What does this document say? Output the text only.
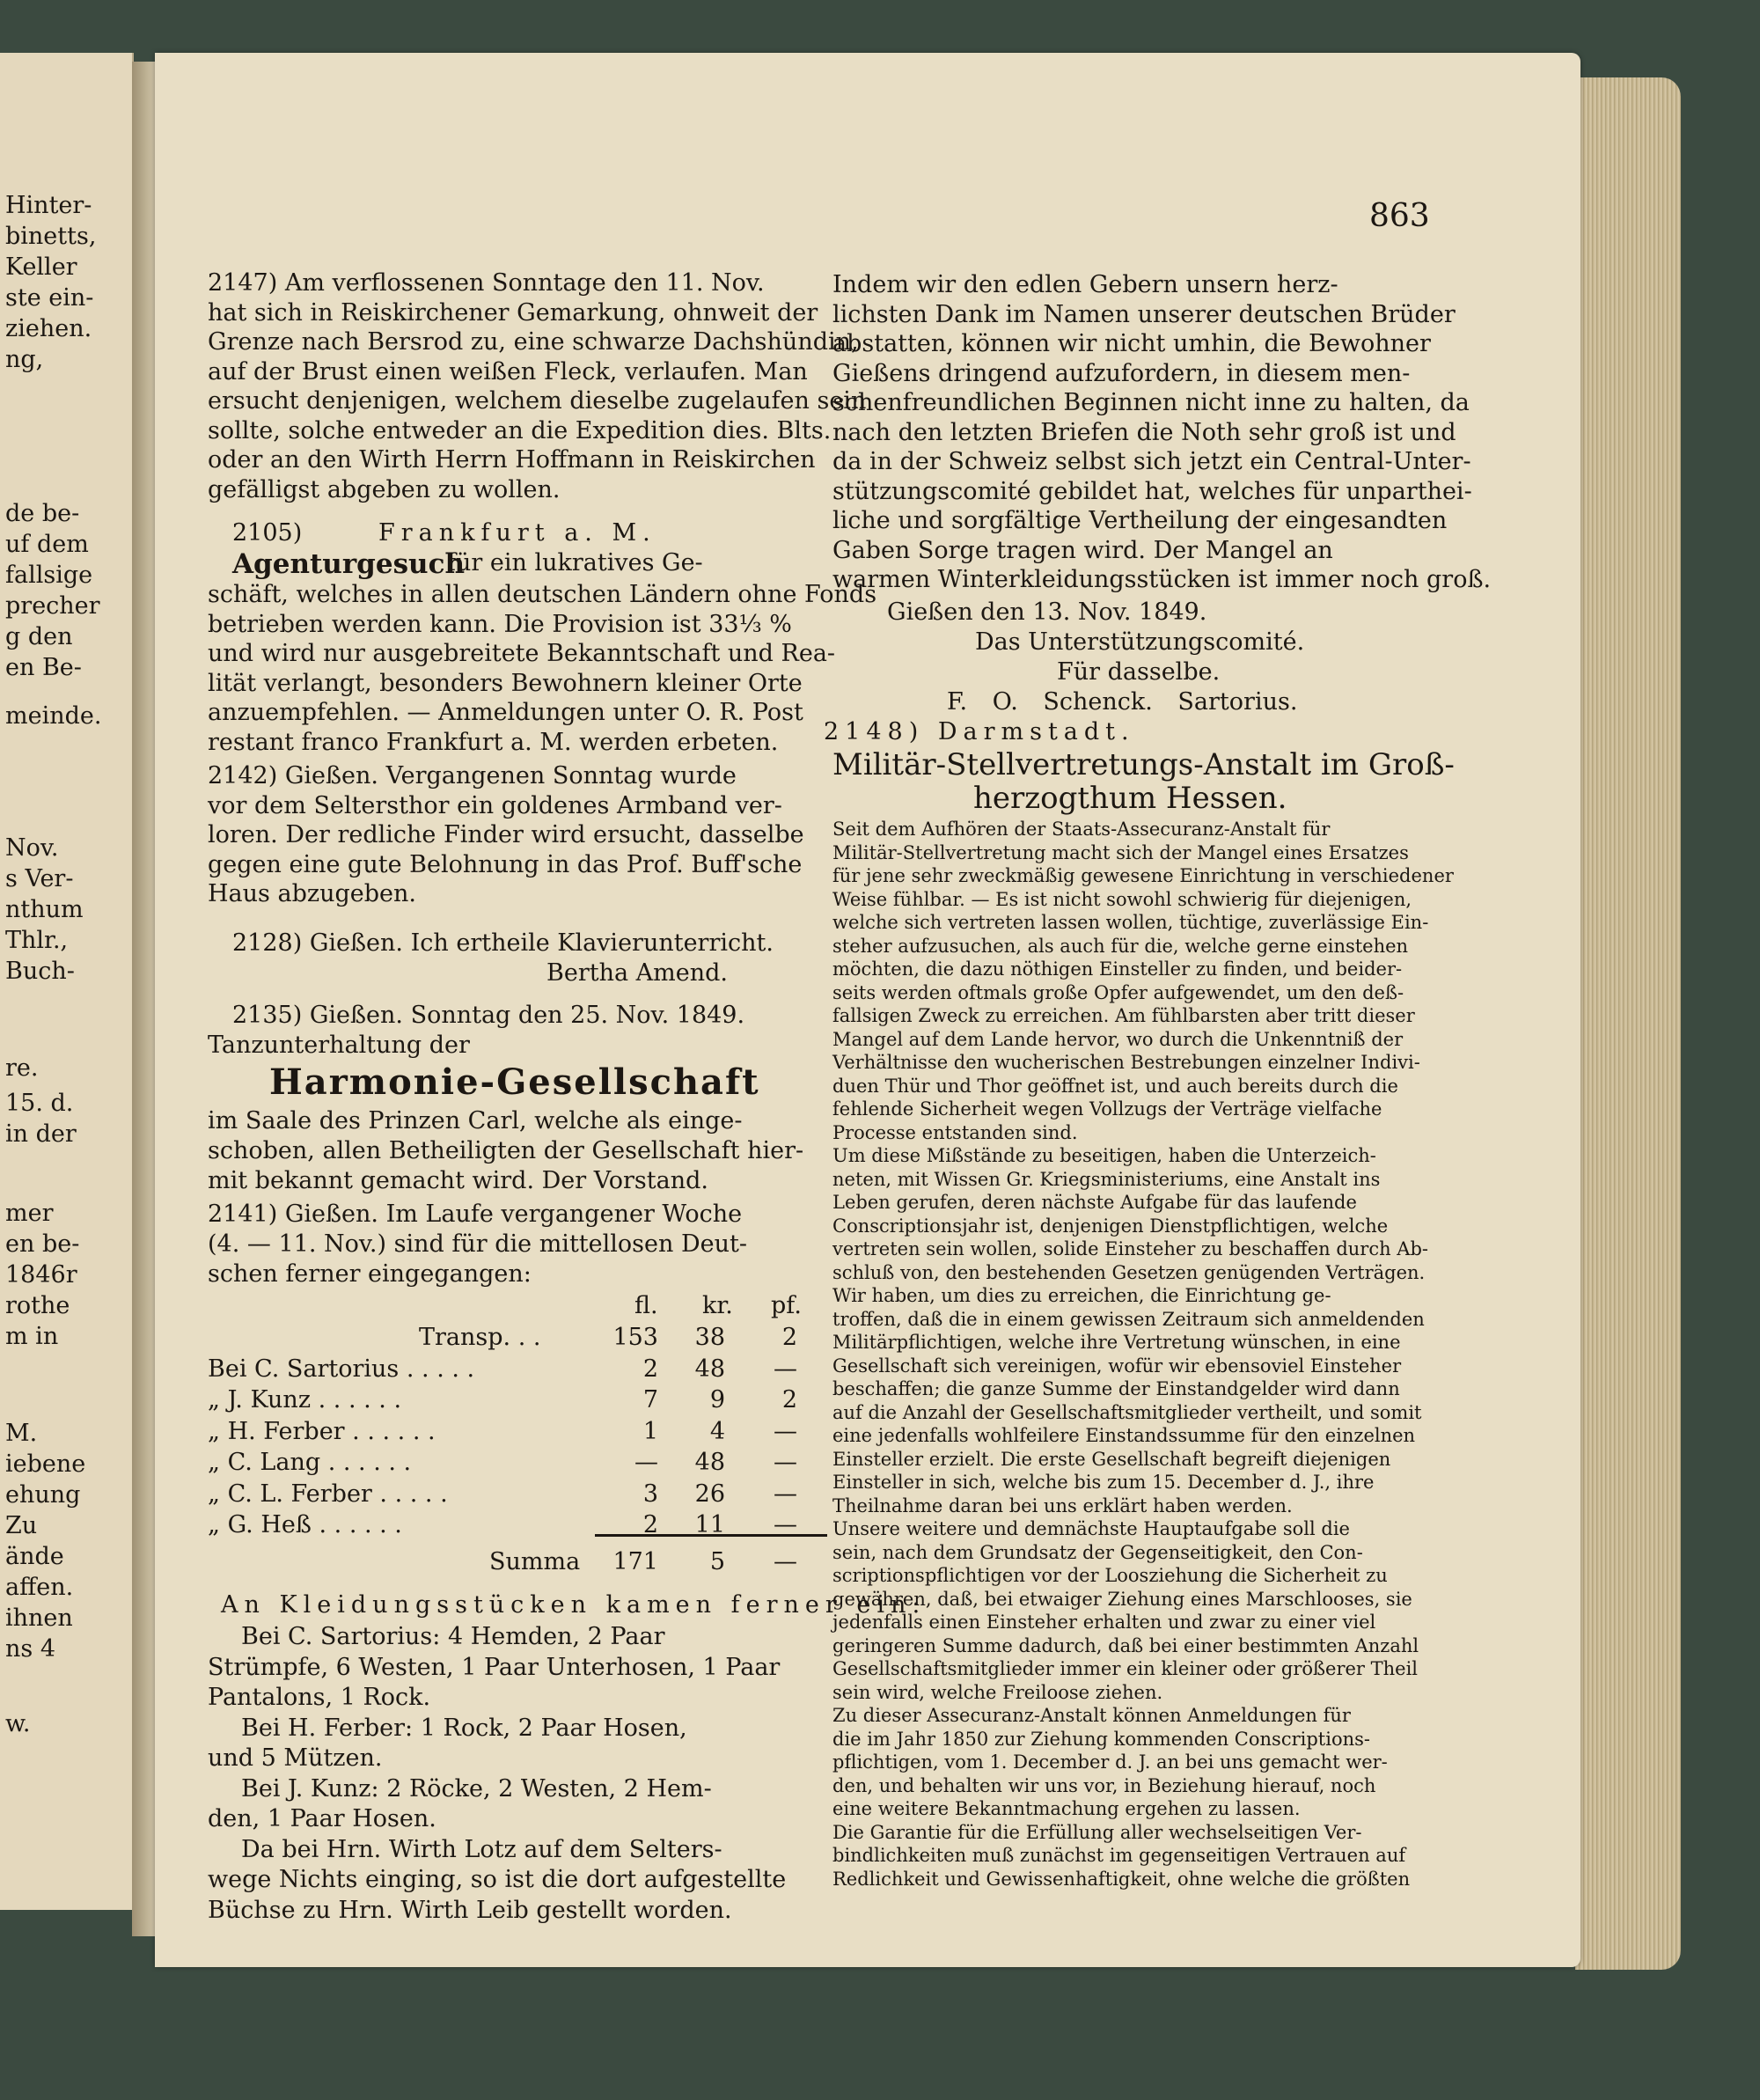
Hinter-
binetts,
Keller
ste ein-
ziehen.
ng,
de be-
uf dem
fallsige
precher
g den
en Be-
meinde.
Nov.
s Ver-
nthum
Thlr.,
Buch-
re.
15. d.
in der
mer
en be-
1846r
rothe
m in
M.
iebene
ehung
Zu
ände
affen.
ihnen
ns 4
w.
863
2147) Am verflossenen Sonntage den 11. Nov.
hat sich in Reiskirchener Gemarkung, ohnweit der
Grenze nach Bersrod zu, eine schwarze Dachshündin,
auf der Brust einen weißen Fleck, verlaufen. Man
ersucht denjenigen, welchem dieselbe zugelaufen sein
sollte, solche entweder an die Expedition dies. Blts.
oder an den Wirth Herrn Hoffmann in Reiskirchen
gefälligst abgeben zu wollen.
2105)	Frankfurt a. M.
Agenturgesuch
für ein lukratives Ge-
schäft, welches in allen deutschen Ländern ohne Fonds
betrieben werden kann. Die Provision ist 33⅓ %
und wird nur ausgebreitete Bekanntschaft und Rea-
lität verlangt, besonders Bewohnern kleiner Orte
anzuempfehlen. — Anmeldungen unter O. R. Post
restant franco Frankfurt a. M. werden erbeten.
2142) Gießen. Vergangenen Sonntag wurde
vor dem Seltersthor ein goldenes Armband ver-
loren. Der redliche Finder wird ersucht, dasselbe
gegen eine gute Belohnung in das Prof. Buff'sche
Haus abzugeben.
2128) Gießen. Ich ertheile Klavierunterricht.
Bertha Amend.
2135) Gießen. Sonntag den 25. Nov. 1849.
Tanzunterhaltung der
Harmonie-Gesellschaft
im Saale des Prinzen Carl, welche als einge-
schoben, allen Betheiligten der Gesellschaft hier-
mit bekannt gemacht wird. Der Vorstand.
2141) Gießen. Im Laufe vergangener Woche
(4. — 11. Nov.) sind für die mittellosen Deut-
schen ferner eingegangen:
fl. kr. pf.
Transp. . .	153	38	2
Bei C. Sartorius . . . . .	2	48	—
„ J. Kunz . . . . . .	7	9	2
„ H. Ferber . . . . . .	1	4	—
„ C. Lang . . . . . .	—	48	—
„ C. L. Ferber . . . . .	3	26	—
„ G. Heß . . . . . .	2	11	—
Summa	171	5	—
An Kleidungsstücken kamen ferner ein:
Bei C. Sartorius: 4 Hemden, 2 Paar
Strümpfe, 6 Westen, 1 Paar Unterhosen, 1 Paar
Pantalons, 1 Rock.
Bei H. Ferber: 1 Rock, 2 Paar Hosen,
und 5 Mützen.
Bei J. Kunz: 2 Röcke, 2 Westen, 2 Hem-
den, 1 Paar Hosen.
Da bei Hrn. Wirth Lotz auf dem Selters-
wege Nichts einging, so ist die dort aufgestellte
Büchse zu Hrn. Wirth Leib gestellt worden.
Indem wir den edlen Gebern unsern herz-
lichsten Dank im Namen unserer deutschen Brüder
abstatten, können wir nicht umhin, die Bewohner
Gießens dringend aufzufordern, in diesem men-
schenfreundlichen Beginnen nicht inne zu halten, da
nach den letzten Briefen die Noth sehr groß ist und
da in der Schweiz selbst sich jetzt ein Central-Unter-
stützungscomité gebildet hat, welches für unparthei-
liche und sorgfältige Vertheilung der eingesandten
Gaben Sorge tragen wird. Der Mangel an
warmen Winterkleidungsstücken ist immer noch groß.
Gießen den 13. Nov. 1849.
Das Unterstützungscomité.
Für dasselbe.
F. O. Schenck. Sartorius.
2148) Darmstadt.
Militär-Stellvertretungs-Anstalt im Groß-
herzogthum Hessen.
Seit dem Aufhören der Staats-Assecuranz-Anstalt für
Militär-Stellvertretung macht sich der Mangel eines Ersatzes
für jene sehr zweckmäßig gewesene Einrichtung in verschiedener
Weise fühlbar. — Es ist nicht sowohl schwierig für diejenigen,
welche sich vertreten lassen wollen, tüchtige, zuverlässige Ein-
steher aufzusuchen, als auch für die, welche gerne einstehen
möchten, die dazu nöthigen Einsteller zu finden, und beider-
seits werden oftmals große Opfer aufgewendet, um den deß-
fallsigen Zweck zu erreichen. Am fühlbarsten aber tritt dieser
Mangel auf dem Lande hervor, wo durch die Unkenntniß der
Verhältnisse den wucherischen Bestrebungen einzelner Indivi-
duen Thür und Thor geöffnet ist, und auch bereits durch die
fehlende Sicherheit wegen Vollzugs der Verträge vielfache
Processe entstanden sind.
Um diese Mißstände zu beseitigen, haben die Unterzeich-
neten, mit Wissen Gr. Kriegsministeriums, eine Anstalt ins
Leben gerufen, deren nächste Aufgabe für das laufende
Conscriptionsjahr ist, denjenigen Dienstpflichtigen, welche
vertreten sein wollen, solide Einsteher zu beschaffen durch Ab-
schluß von, den bestehenden Gesetzen genügenden Verträgen.
Wir haben, um dies zu erreichen, die Einrichtung ge-
troffen, daß die in einem gewissen Zeitraum sich anmeldenden
Militärpflichtigen, welche ihre Vertretung wünschen, in eine
Gesellschaft sich vereinigen, wofür wir ebensoviel Einsteher
beschaffen; die ganze Summe der Einstandgelder wird dann
auf die Anzahl der Gesellschaftsmitglieder vertheilt, und somit
eine jedenfalls wohlfeilere Einstandssumme für den einzelnen
Einsteller erzielt. Die erste Gesellschaft begreift diejenigen
Einsteller in sich, welche bis zum 15. December d. J., ihre
Theilnahme daran bei uns erklärt haben werden.
Unsere weitere und demnächste Hauptaufgabe soll die
sein, nach dem Grundsatz der Gegenseitigkeit, den Con-
scriptionspflichtigen vor der Loosziehung die Sicherheit zu
gewähren, daß, bei etwaiger Ziehung eines Marschlooses, sie
jedenfalls einen Einsteher erhalten und zwar zu einer viel
geringeren Summe dadurch, daß bei einer bestimmten Anzahl
Gesellschaftsmitglieder immer ein kleiner oder größerer Theil
sein wird, welche Freiloose ziehen.
Zu dieser Assecuranz-Anstalt können Anmeldungen für
die im Jahr 1850 zur Ziehung kommenden Conscriptions-
pflichtigen, vom 1. December d. J. an bei uns gemacht wer-
den, und behalten wir uns vor, in Beziehung hierauf, noch
eine weitere Bekanntmachung ergehen zu lassen.
Die Garantie für die Erfüllung aller wechselseitigen Ver-
bindlichkeiten muß zunächst im gegenseitigen Vertrauen auf
Redlichkeit und Gewissenhaftigkeit, ohne welche die größten
